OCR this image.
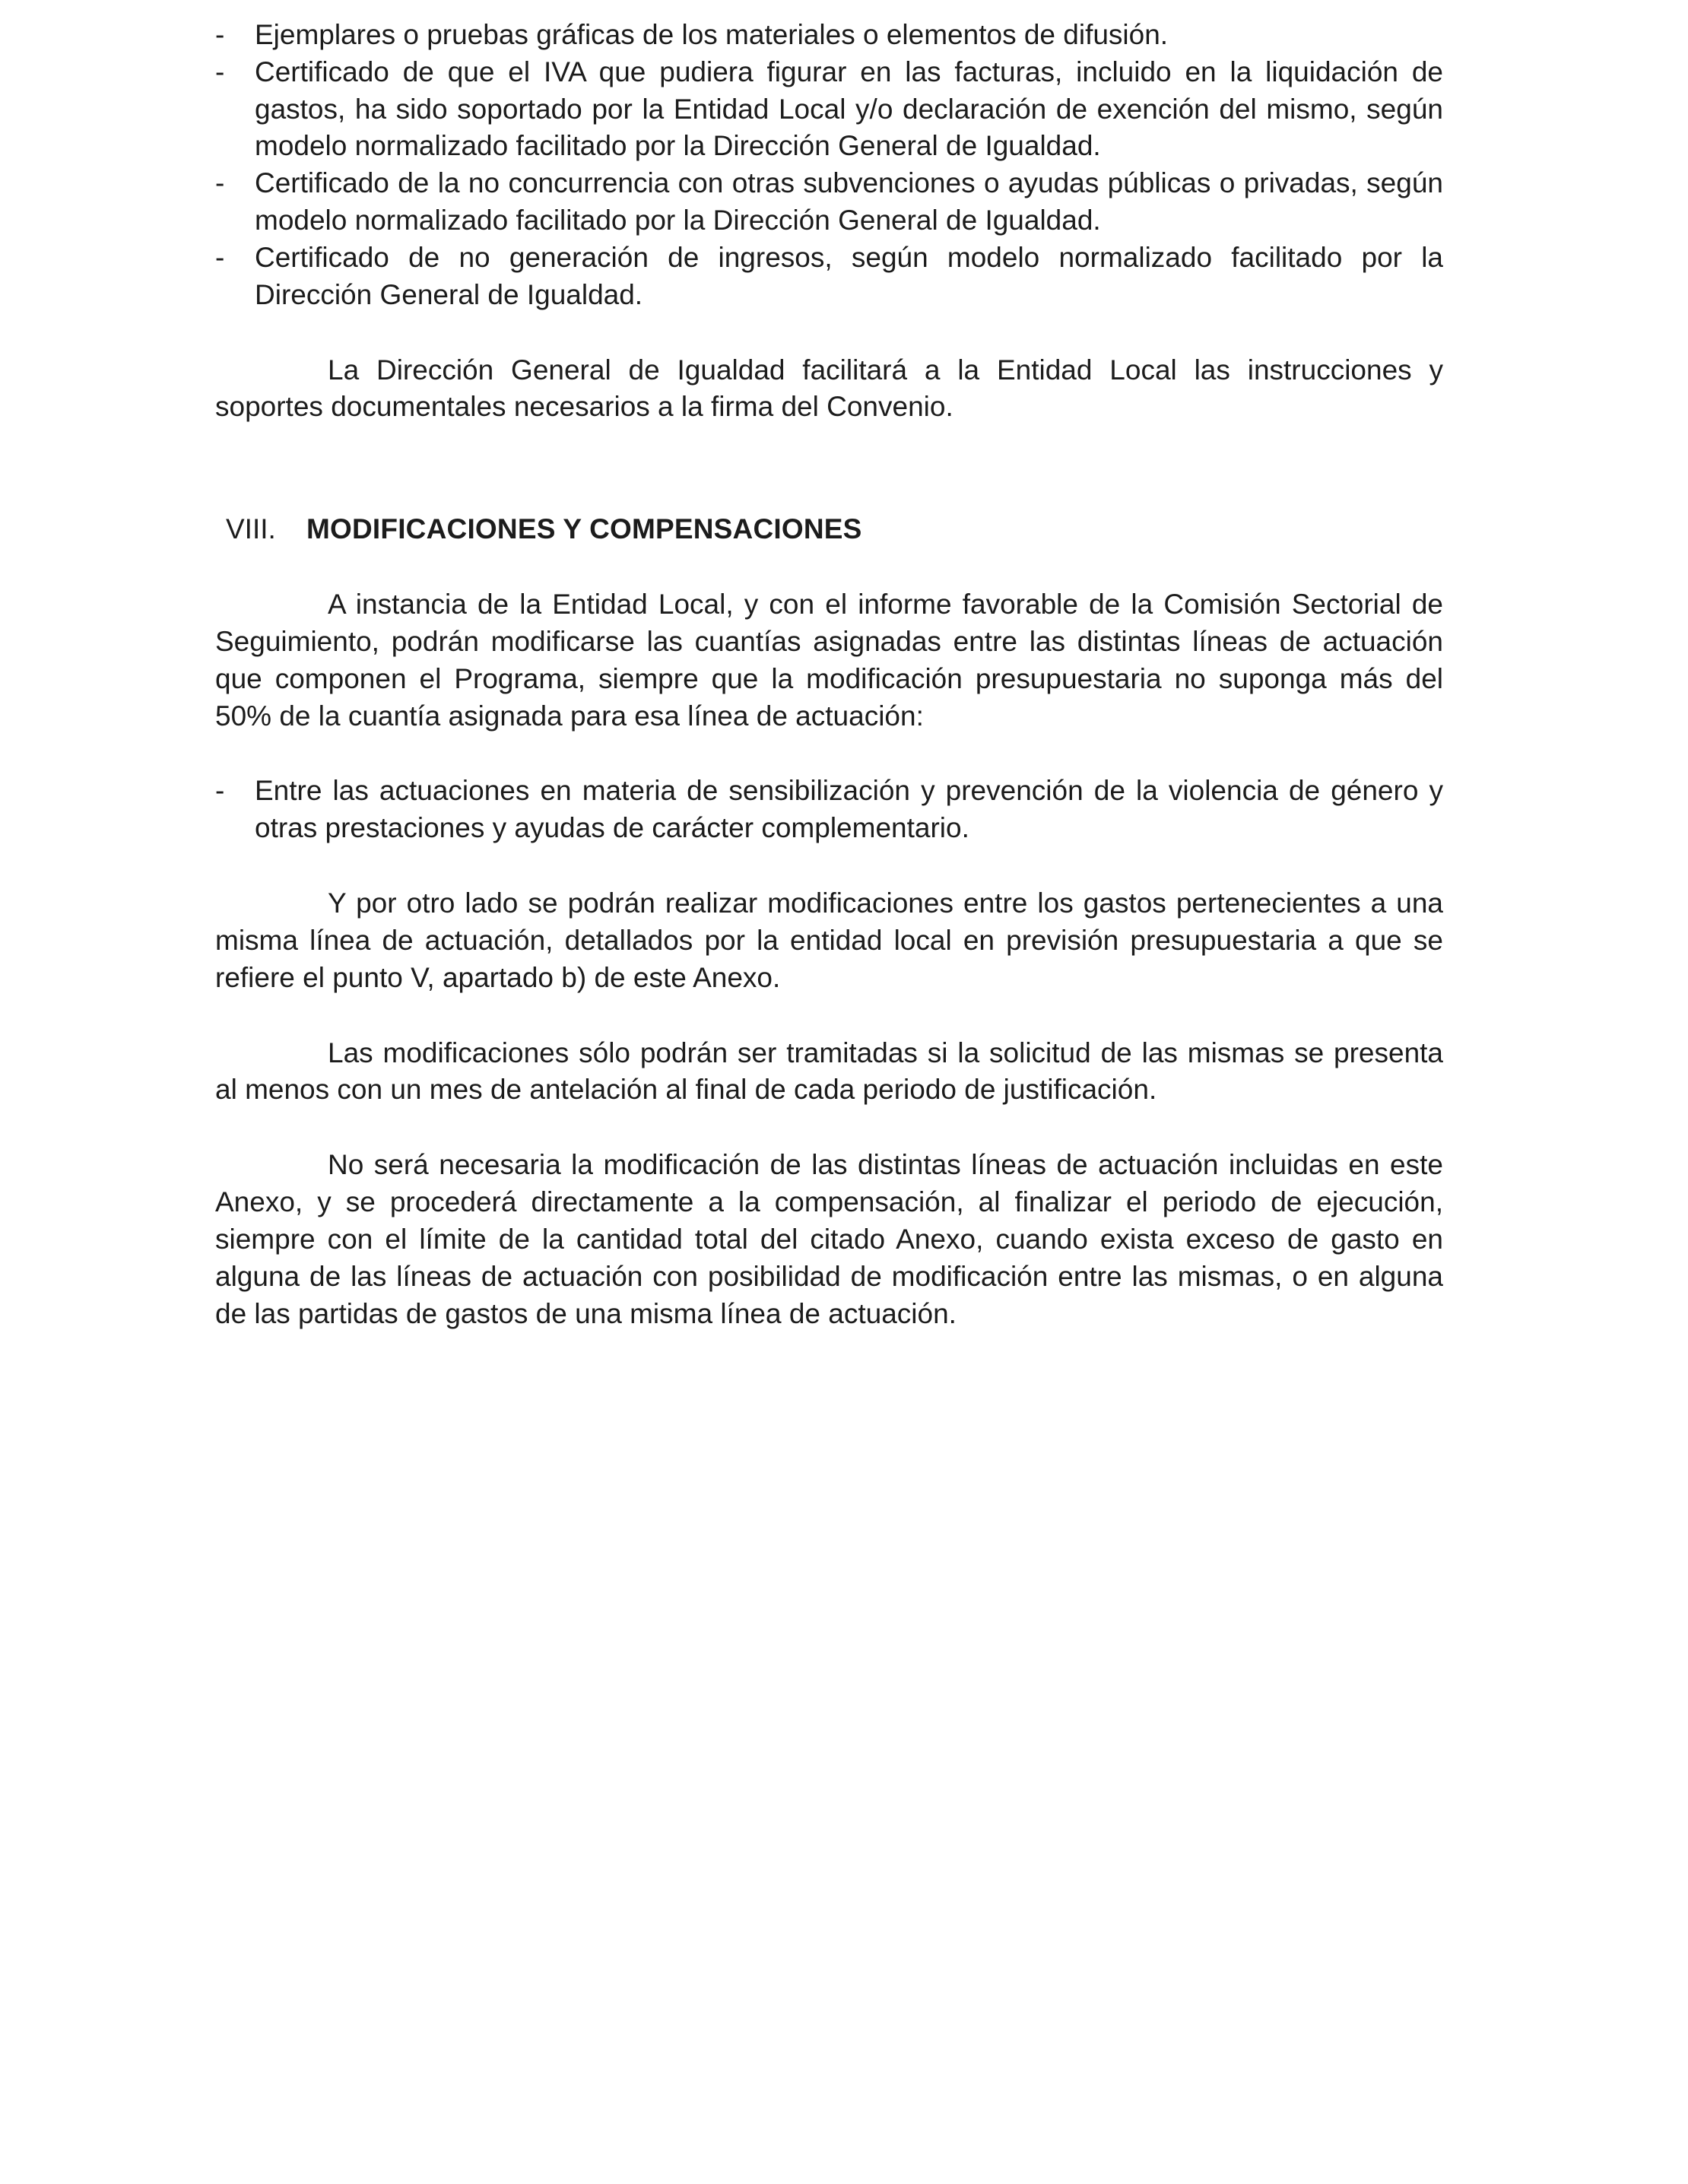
-	Ejemplares o pruebas gráficas de los materiales o elementos de difusión.
-	Certificado de que el IVA que pudiera figurar en las facturas, incluido en la liquidación de gastos, ha sido soportado por la Entidad Local y/o declaración de exención del mismo, según modelo normalizado facilitado por la Dirección General de Igualdad.
-	Certificado de la no concurrencia con otras subvenciones o ayudas públicas o privadas, según modelo normalizado facilitado por la Dirección General de Igualdad.
-	Certificado de no generación de ingresos, según modelo normalizado facilitado por la Dirección General de Igualdad.

La Dirección General de Igualdad facilitará a la Entidad Local las instrucciones y soportes documentales necesarios a la firma del Convenio.

VIII.	MODIFICACIONES Y COMPENSACIONES

A instancia de la Entidad Local, y con el informe favorable de la Comisión Sectorial de Seguimiento, podrán modificarse las cuantías asignadas entre las distintas líneas de actuación que componen el Programa, siempre que la modificación presupuestaria no suponga más del 50% de la cuantía asignada para esa línea de actuación:

-	Entre las actuaciones en materia de sensibilización y prevención de la violencia de género y otras prestaciones y ayudas de carácter complementario.

Y por otro lado se podrán realizar modificaciones entre los gastos pertenecientes a una misma línea de actuación, detallados por la entidad local en previsión presupuestaria a que se refiere el punto V, apartado b) de este Anexo.

Las modificaciones sólo podrán ser tramitadas si la solicitud de las mismas se presenta al menos con un mes de antelación al final de cada periodo de justificación.

No será necesaria la modificación de las distintas líneas de actuación incluidas en este Anexo, y se procederá directamente a la compensación, al finalizar el periodo de ejecución, siempre con el límite de la cantidad total del citado Anexo, cuando exista exceso de gasto en alguna de las líneas de actuación con posibilidad de modificación entre las mismas, o en alguna de las partidas de gastos de una misma línea de actuación.
